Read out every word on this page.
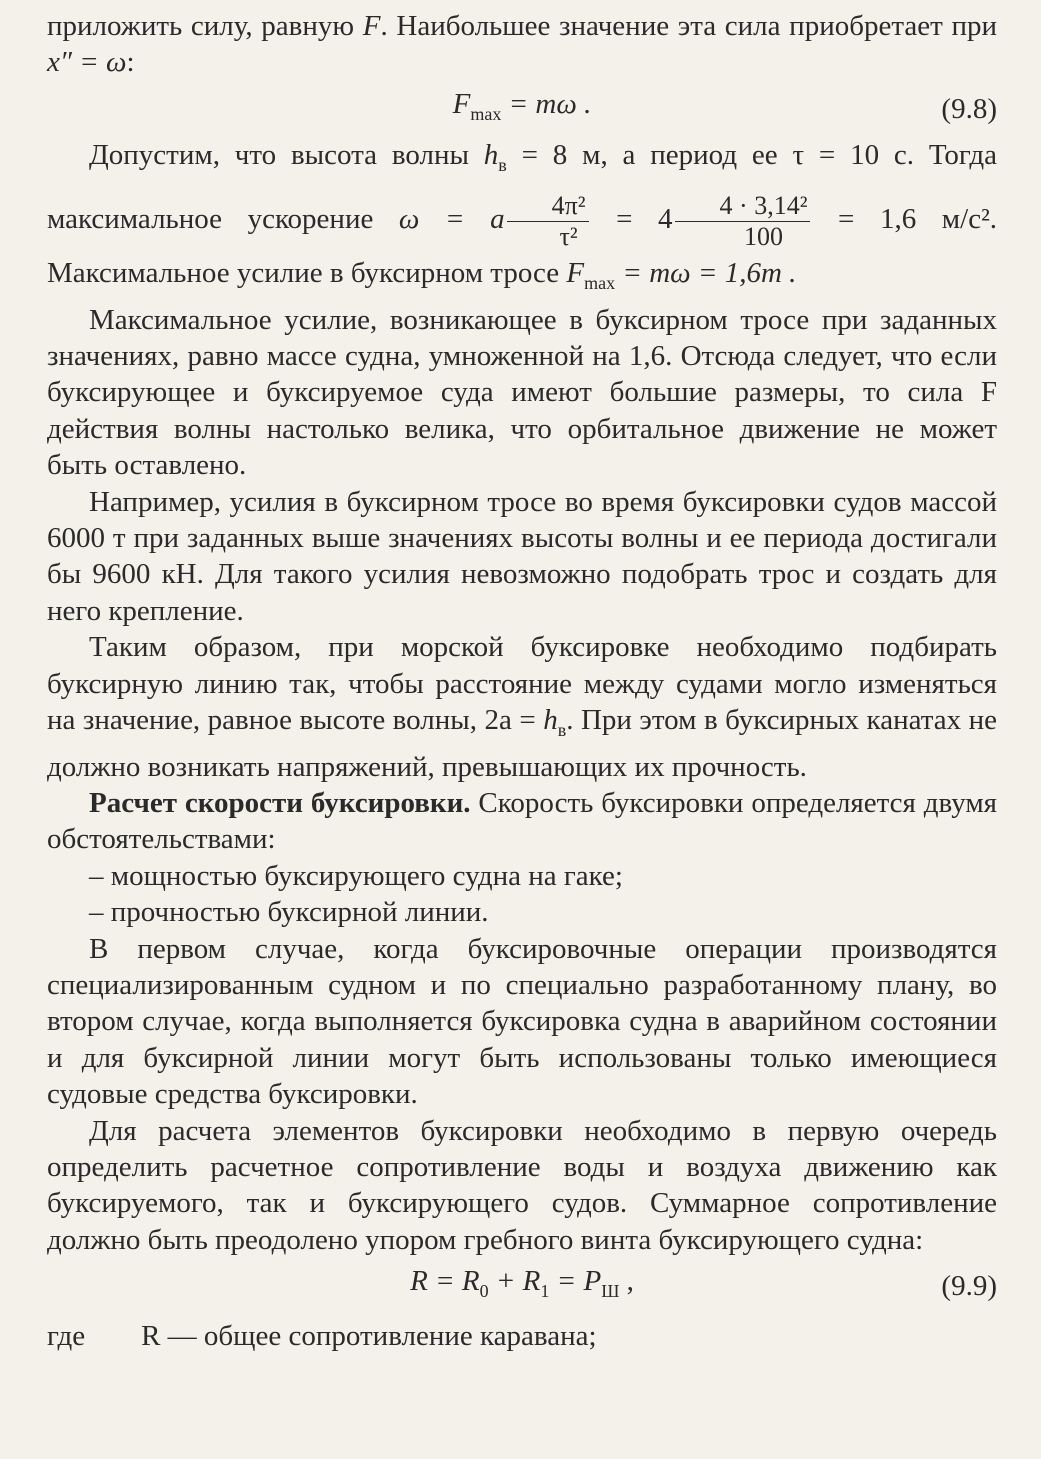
приложить силу, равную F. Наибольшее значение эта сила приобретает при x″ = ω:

$F_{max} = m\omega$ .	(9.8)

Допустим, что высота волны $h_в = 8$ м, а период ее τ = 10 с. Тогда максимальное ускорение ω = a $\frac{\text{4π²}}{\text{τ²}} = 4 \frac{\text{4 · 3,14²}}{100} = 1,6$ м/с². Максимальное усилие в буксирном тросе $F_{max} = m\omega = 1,6m$ .

Максимальное усилие, возникающее в буксирном тросе при заданных значениях, равно массе судна, умноженной на 1,6. Отсюда следует, что если буксирующее и буксируемое суда имеют большие размеры, то сила F действия волны настолько велика, что орбитальное движение не может быть оставлено.

Например, усилия в буксирном тросе во время буксировки судов массой 6000 т при заданных выше значениях высоты волны и ее периода достигали бы 9600 кН. Для такого усилия невозможно подобрать трос и создать для него крепление.

Таким образом, при морской буксировке необходимо подбирать буксирную линию так, чтобы расстояние между судами могло изменяться на значение, равное высоте волны, $2a = h_в$. При этом в буксирных канатах не должно возникать напряжений, превышающих их прочность.

Расчет скорости буксировки. Скорость буксировки определяется двумя обстоятельствами:

– мощностью буксирующего судна на гаке;
– прочностью буксирной линии.

В первом случае, когда буксировочные операции производятся специализированным судном и по специально разработанному плану, во втором случае, когда выполняется буксировка судна в аварийном состоянии и для буксирной линии могут быть использованы только имеющиеся судовые средства буксировки.

Для расчета элементов буксировки необходимо в первую очередь определить расчетное сопротивление воды и воздуха движению как буксируемого, так и буксирующего судов. Суммарное сопротивление должно быть преодолено упором гребного винта буксирующего судна:

$R = R_0 + R_1 = P_Ш$ ,	(9.9)
где R — общее сопротивление каравана;
